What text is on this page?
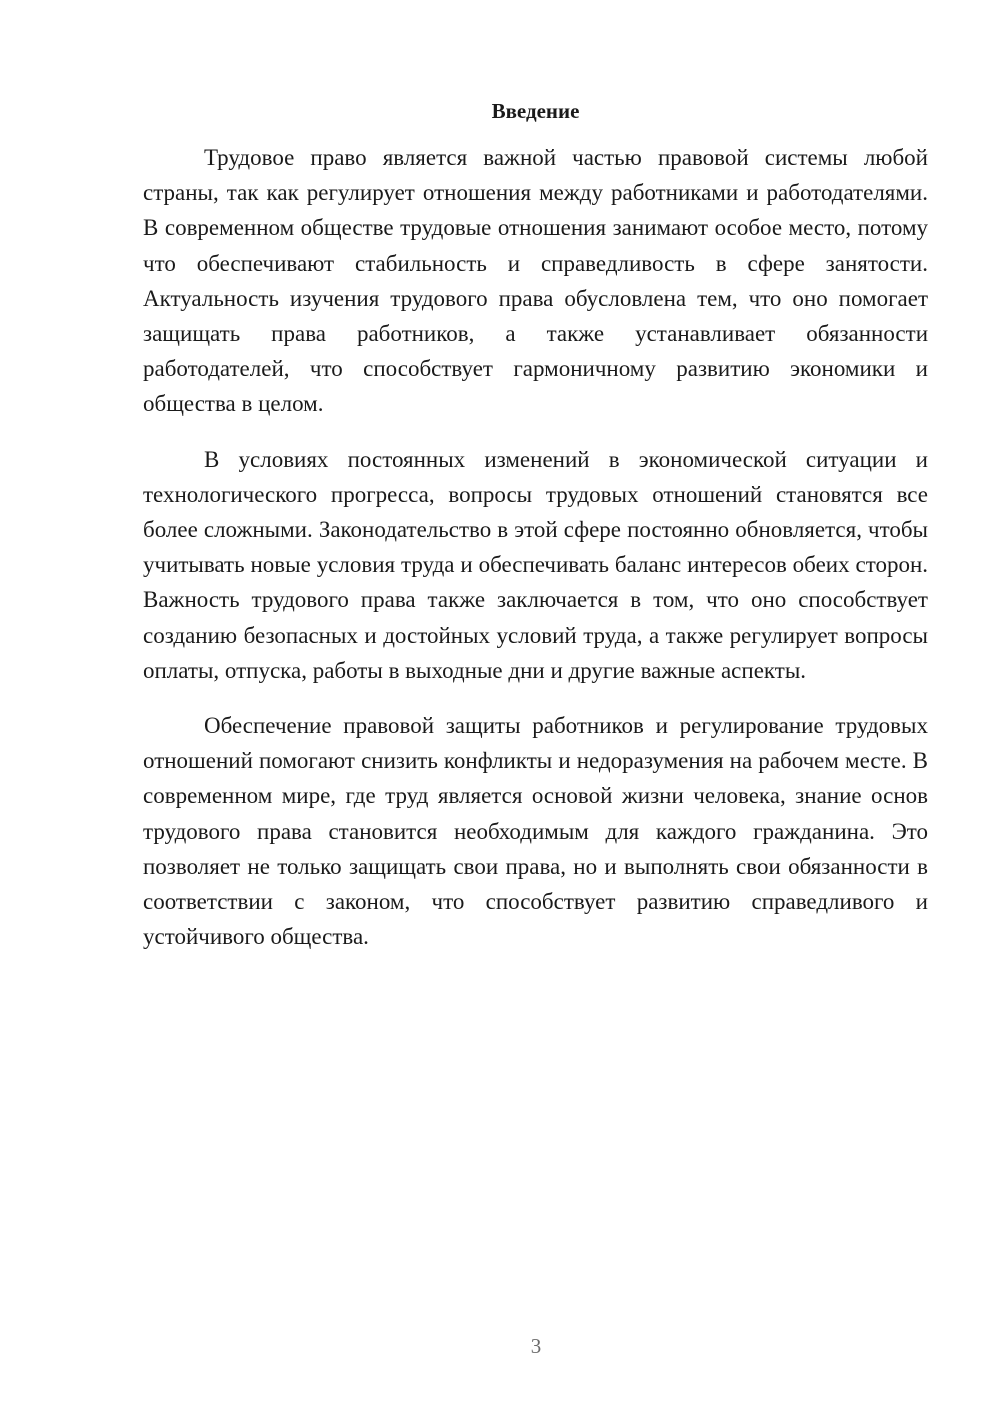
Введение

Трудовое право является важной частью правовой системы любой страны, так как регулирует отношения между работниками и работодателями. В современном обществе трудовые отношения занимают особое место, потому что обеспечивают стабильность и справедливость в сфере занятости. Актуальность изучения трудового права обусловлена тем, что оно помогает защищать права работников, а также устанавливает обязанности работодателей, что способствует гармоничному развитию экономики и общества в целом.

В условиях постоянных изменений в экономической ситуации и технологического прогресса, вопросы трудовых отношений становятся все более сложными. Законодательство в этой сфере постоянно обновляется, чтобы учитывать новые условия труда и обеспечивать баланс интересов обеих сторон. Важность трудового права также заключается в том, что оно способствует созданию безопасных и достойных условий труда, а также регулирует вопросы оплаты, отпуска, работы в выходные дни и другие важные аспекты.

Обеспечение правовой защиты работников и регулирование трудовых отношений помогают снизить конфликты и недоразумения на рабочем месте. В современном мире, где труд является основой жизни человека, знание основ трудового права становится необходимым для каждого гражданина. Это позволяет не только защищать свои права, но и выполнять свои обязанности в соответствии с законом, что способствует развитию справедливого и устойчивого общества.

3
